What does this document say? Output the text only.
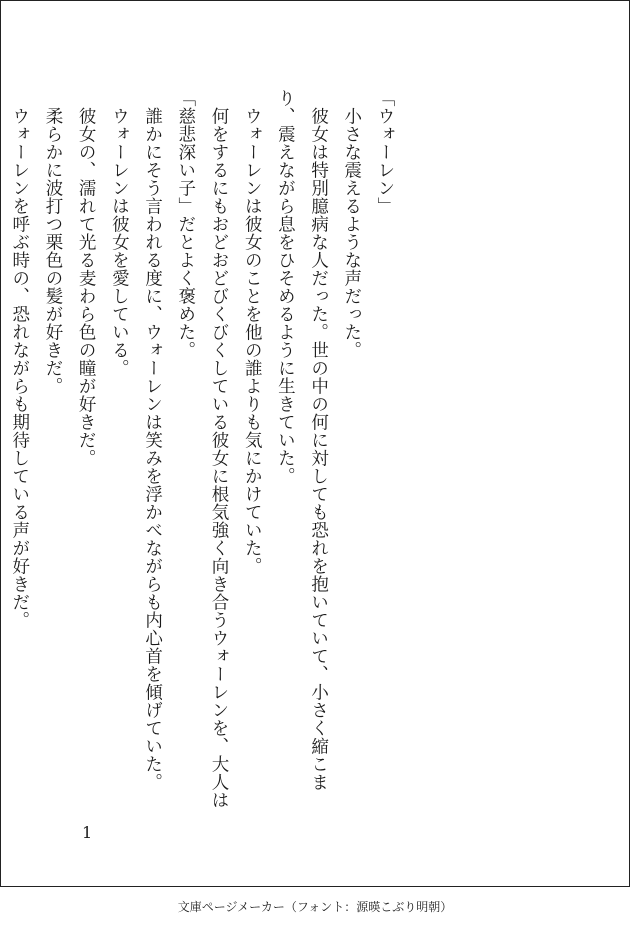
「ウォーレン」

　小さな震えるような声だった。

　彼女は特別臆病な人だった。世の中の何に対しても恐れを抱いていて、小さく縮こまり、震えながら息をひそめるように生きていた。

　ウォーレンは彼女のことを他の誰よりも気にかけていた。

　何をするにもおどおどびくびくしている彼女に根気強く向き合うウォーレンを、大人は「慈悲深い子」だとよく褒めた。

　誰かにそう言われる度に、ウォーレンは笑みを浮かべながらも内心首を傾げていた。

　ウォーレンは彼女を愛している。

　彼女の、濡れて光る麦わら色の瞳が好きだ。

　柔らかに波打つ栗色の髪が好きだ。

　ウォーレンを呼ぶ時の、恐れながらも期待している声が好きだ。

1
文庫ページメーカー（フォント：源暎こぶり明朝）
